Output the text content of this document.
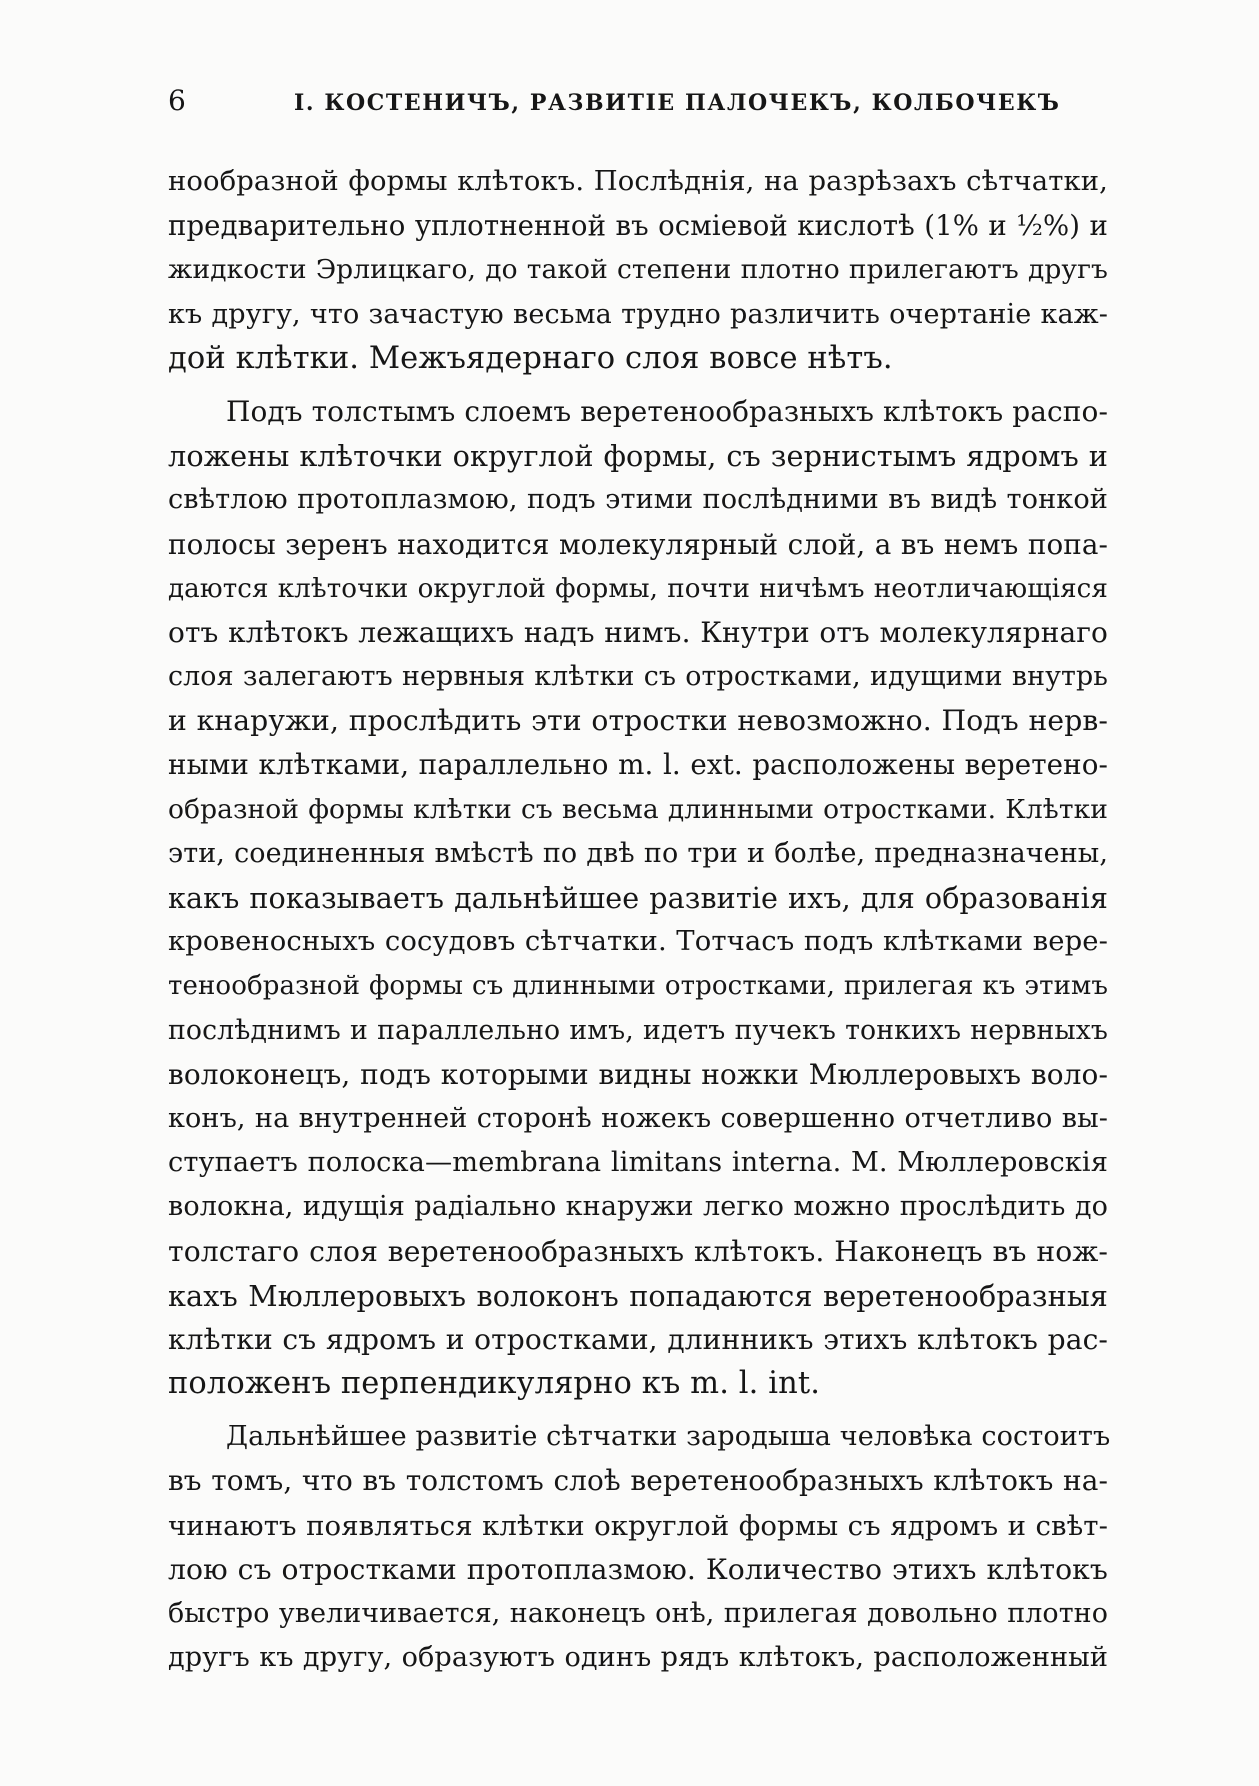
6	I. КОСТЕНИЧЪ, РАЗВИТІЕ ПАЛОЧЕКЪ, КОЛБОЧЕКЪ
нообразной формы клѣтокъ. Послѣднія, на разрѣзахъ сѣтчатки,
предварительно уплотненной въ осміевой кислотѣ (1% и ½%) и
жидкости Эрлицкаго, до такой степени плотно прилегаютъ другъ
къ другу, что зачастую весьма трудно различить очертаніе каж-
дой клѣтки. Межъядернаго слоя вовсе нѣтъ.
Подъ толстымъ слоемъ веретенообразныхъ клѣтокъ распо-
ложены клѣточки округлой формы, съ зернистымъ ядромъ и
свѣтлою протоплазмою, подъ этими послѣдними въ видѣ тонкой
полосы зеренъ находится молекулярный слой, а въ немъ попа-
даются клѣточки округлой формы, почти ничѣмъ неотличающіяся
отъ клѣтокъ лежащихъ надъ нимъ. Кнутри отъ молекулярнаго
слоя залегаютъ нервныя клѣтки съ отростками, идущими внутрь
и кнаружи, прослѣдить эти отростки невозможно. Подъ нерв-
ными клѣтками, параллельно m. l. ext. расположены веретено-
образной формы клѣтки съ весьма длинными отростками. Клѣтки
эти, соединенныя вмѣстѣ по двѣ по три и болѣе, предназначены,
какъ показываетъ дальнѣйшее развитіе ихъ, для образованія
кровеносныхъ сосудовъ сѣтчатки. Тотчасъ подъ клѣтками вере-
тенообразной формы съ длинными отростками, прилегая къ этимъ
послѣднимъ и параллельно имъ, идетъ пучекъ тонкихъ нервныхъ
волоконецъ, подъ которыми видны ножки Мюллеровыхъ воло-
конъ, на внутренней сторонѣ ножекъ совершенно отчетливо вы-
ступаетъ полоска—membrana limitans interna. M. Мюллеровскія
волокна, идущія радіально кнаружи легко можно прослѣдить до
толстаго слоя веретенообразныхъ клѣтокъ. Наконецъ въ нож-
кахъ Мюллеровыхъ волоконъ попадаются веретенообразныя
клѣтки съ ядромъ и отростками, длинникъ этихъ клѣтокъ рас-
положенъ перпендикулярно къ m. l. int.
Дальнѣйшее развитіе сѣтчатки зародыша человѣка состоитъ
въ томъ, что въ толстомъ слоѣ веретенообразныхъ клѣтокъ на-
чинаютъ появляться клѣтки округлой формы съ ядромъ и свѣт-
лою съ отростками протоплазмою. Количество этихъ клѣтокъ
быстро увеличивается, наконецъ онѣ, прилегая довольно плотно
другъ къ другу, образуютъ одинъ рядъ клѣтокъ, расположенный
